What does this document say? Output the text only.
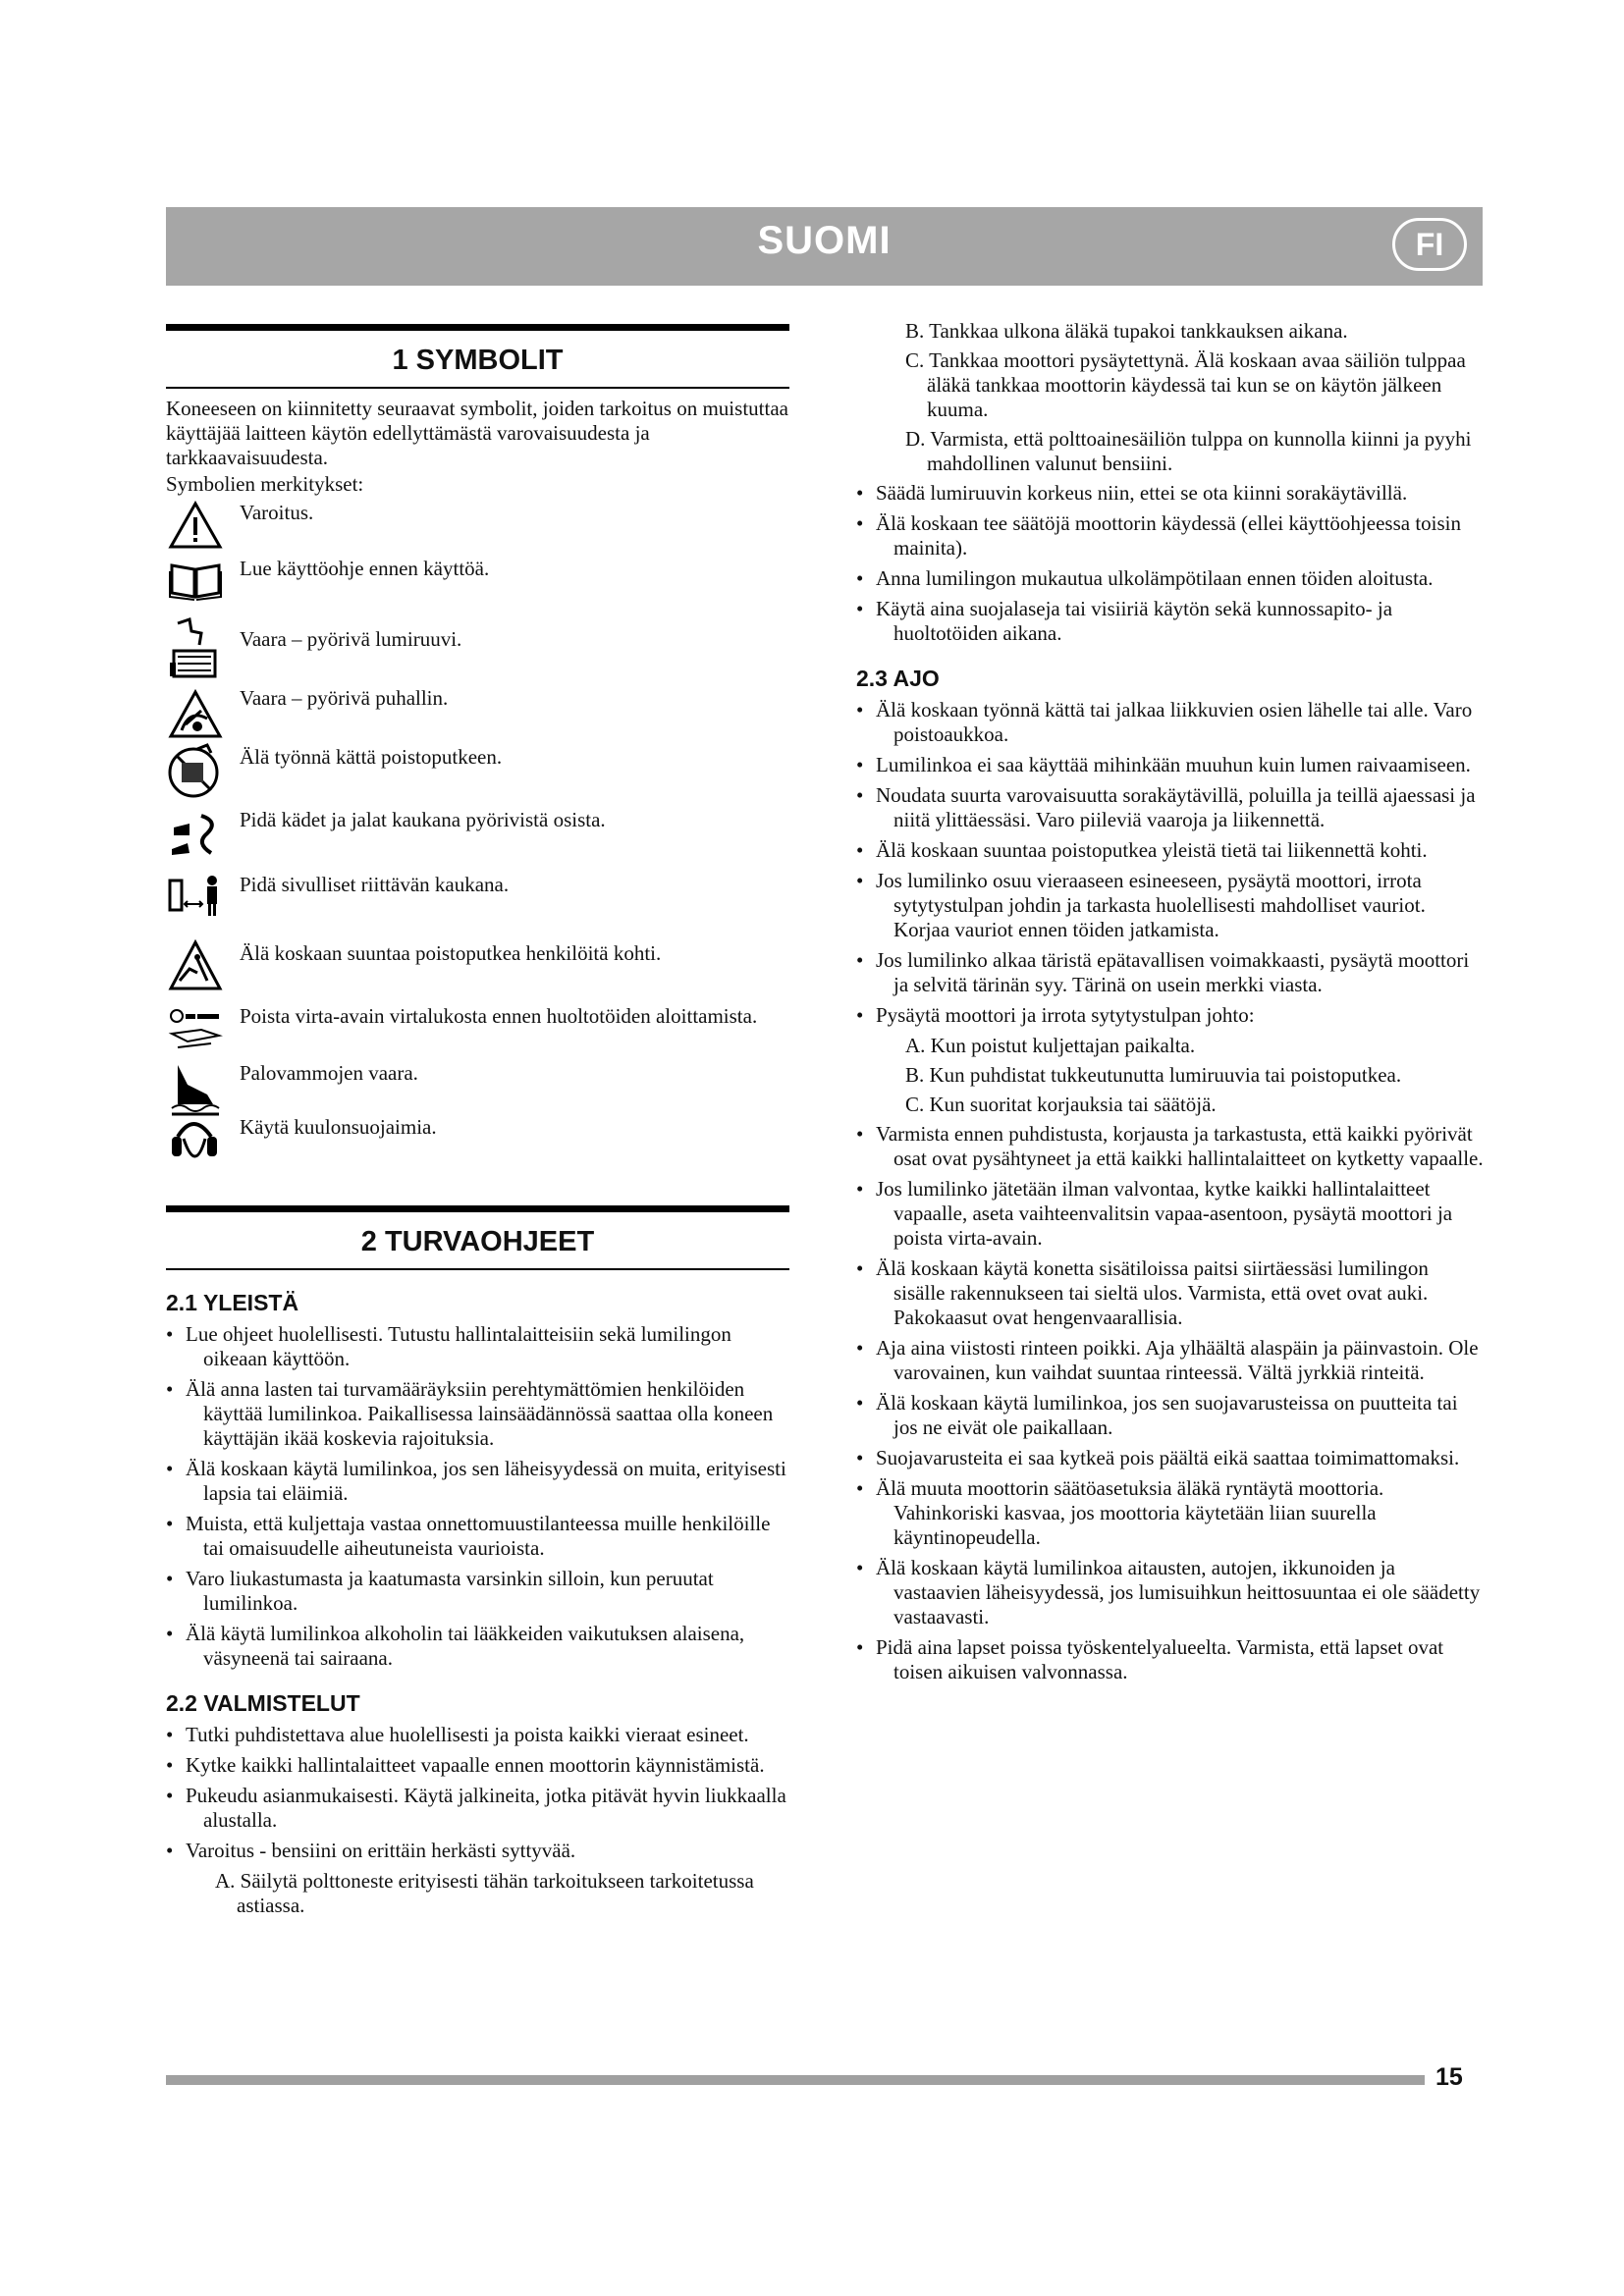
SUOMI	FI
1 SYMBOLIT
Koneeseen on kiinnitetty seuraavat symbolit, joiden tarkoitus on muistuttaa käyttäjää laitteen käytön edellyttämästä varovaisuudesta ja tarkkaavaisuudesta.
Symbolien merkitykset:
Varoitus.
Lue käyttöohje ennen käyttöä.
Vaara – pyörivä lumiruuvi.
Vaara – pyörivä puhallin.
Älä työnnä kättä poistoputkeen.
Pidä kädet ja jalat kaukana pyörivistä osista.
Pidä sivulliset riittävän kaukana.
Älä koskaan suuntaa poistoputkea henkilöitä kohti.
Poista virta-avain virtalukosta ennen huoltotöiden aloittamista.
Palovammojen vaara.
Käytä kuulonsuojaimia.
2 TURVAOHJEET
2.1 YLEISTÄ
• Lue ohjeet huolellisesti. Tutustu hallintalaitteisiin sekä lumilingon oikeaan käyttöön.
• Älä anna lasten tai turvamääräyksiin perehtymättömien henkilöiden käyttää lumilinkoa. Paikallisessa lainsäädännössä saattaa olla koneen käyttäjän ikää koskevia rajoituksia.
• Älä koskaan käytä lumilinkoa, jos sen läheisyydessä on muita, erityisesti lapsia tai eläimiä.
• Muista, että kuljettaja vastaa onnettomuustilanteessa muille henkilöille tai omaisuudelle aiheutuneista vaurioista.
• Varo liukastumasta ja kaatumasta varsinkin silloin, kun peruutat lumilinkoa.
• Älä käytä lumilinkoa alkoholin tai lääkkeiden vaikutuksen alaisena, väsyneenä tai sairaana.
2.2 VALMISTELUT
• Tutki puhdistettava alue huolellisesti ja poista kaikki vieraat esineet.
• Kytke kaikki hallintalaitteet vapaalle ennen moottorin käynnistämistä.
• Pukeudu asianmukaisesti. Käytä jalkineita, jotka pitävät hyvin liukkaalla alustalla.
• Varoitus - bensiini on erittäin herkästi syttyvää.
A. Säilytä polttoneste erityisesti tähän tarkoitukseen tarkoitetussa astiassa.
B. Tankkaa ulkona äläkä tupakoi tankkauksen aikana.
C. Tankkaa moottori pysäytettynä. Älä koskaan avaa säiliön tulppaa äläkä tankkaa moottorin käydessä tai kun se on käytön jälkeen kuuma.
D. Varmista, että polttoainesäiliön tulppa on kunnolla kiinni ja pyyhi mahdollinen valunut bensiini.
• Säädä lumiruuvin korkeus niin, ettei se ota kiinni sorakäytävillä.
• Älä koskaan tee säätöjä moottorin käydessä (ellei käyttöohjeessa toisin mainita).
• Anna lumilingon mukautua ulkolämpötilaan ennen töiden aloitusta.
• Käytä aina suojalaseja tai visiiriä käytön sekä kunnossapito- ja huoltotöiden aikana.
2.3 AJO
• Älä koskaan työnnä kättä tai jalkaa liikkuvien osien lähelle tai alle. Varo poistoaukkoa.
• Lumilinkoa ei saa käyttää mihinkään muuhun kuin lumen raivaamiseen.
• Noudata suurta varovaisuutta sorakäytävillä, poluilla ja teillä ajaessasi ja niitä ylittäessäsi. Varo piileviä vaaroja ja liikennettä.
• Älä koskaan suuntaa poistoputkea yleistä tietä tai liikennettä kohti.
• Jos lumilinko osuu vieraaseen esineeseen, pysäytä moottori, irrota sytytystulpan johdin ja tarkasta huolellisesti mahdolliset vauriot. Korjaa vauriot ennen töiden jatkamista.
• Jos lumilinko alkaa täristä epätavallisen voimakkaasti, pysäytä moottori ja selvitä tärinän syy. Tärinä on usein merkki viasta.
• Pysäytä moottori ja irrota sytytystulpan johto:
A. Kun poistut kuljettajan paikalta.
B. Kun puhdistat tukkeutunutta lumiruuvia tai poistoputkea.
C. Kun suoritat korjauksia tai säätöjä.
• Varmista ennen puhdistusta, korjausta ja tarkastusta, että kaikki pyörivät osat ovat pysähtyneet ja että kaikki hallintalaitteet on kytketty vapaalle.
• Jos lumilinko jätetään ilman valvontaa, kytke kaikki hallintalaitteet vapaalle, aseta vaihteenvalitsin vapaa-asentoon, pysäytä moottori ja poista virta-avain.
• Älä koskaan käytä konetta sisätiloissa paitsi siirtäessäsi lumilingon sisälle rakennukseen tai sieltä ulos. Varmista, että ovet ovat auki. Pakokaasut ovat hengenvaarallisia.
• Aja aina viistosti rinteen poikki. Aja ylhäältä alaspäin ja päinvastoin. Ole varovainen, kun vaihdat suuntaa rinteessä. Vältä jyrkkiä rinteitä.
• Älä koskaan käytä lumilinkoa, jos sen suojavarusteissa on puutteita tai jos ne eivät ole paikallaan.
• Suojavarusteita ei saa kytkeä pois päältä eikä saattaa toimimattomaksi.
• Älä muuta moottorin säätöasetuksia äläkä ryntäytä moottoria. Vahinkoriski kasvaa, jos moottoria käytetään liian suurella käyntinopeudella.
• Älä koskaan käytä lumilinkoa aitausten, autojen, ikkunoiden ja vastaavien läheisyydessä, jos lumisuihkun heittosuuntaa ei ole säädetty vastaavasti.
• Pidä aina lapset poissa työskentelyalueelta. Varmista, että lapset ovat toisen aikuisen valvonnassa.
15
